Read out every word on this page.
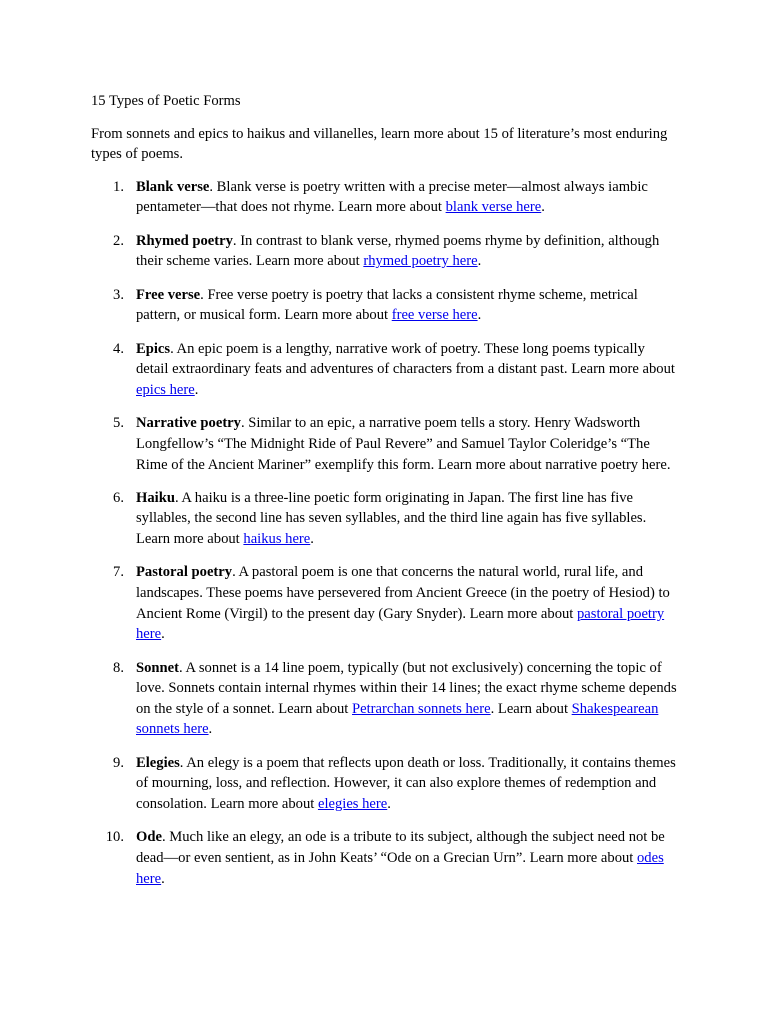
15 Types of Poetic Forms

From sonnets and epics to haikus and villanelles, learn more about 15 of literature’s most enduring types of poems.

1. Blank verse. Blank verse is poetry written with a precise meter—almost always iambic pentameter—that does not rhyme. Learn more about blank verse here.
2. Rhymed poetry. In contrast to blank verse, rhymed poems rhyme by definition, although their scheme varies. Learn more about rhymed poetry here.
3. Free verse. Free verse poetry is poetry that lacks a consistent rhyme scheme, metrical pattern, or musical form. Learn more about free verse here.
4. Epics. An epic poem is a lengthy, narrative work of poetry. These long poems typically detail extraordinary feats and adventures of characters from a distant past. Learn more about epics here.
5. Narrative poetry. Similar to an epic, a narrative poem tells a story. Henry Wadsworth Longfellow’s “The Midnight Ride of Paul Revere” and Samuel Taylor Coleridge’s “The Rime of the Ancient Mariner” exemplify this form. Learn more about narrative poetry here.
6. Haiku. A haiku is a three-line poetic form originating in Japan. The first line has five syllables, the second line has seven syllables, and the third line again has five syllables. Learn more about haikus here.
7. Pastoral poetry. A pastoral poem is one that concerns the natural world, rural life, and landscapes. These poems have persevered from Ancient Greece (in the poetry of Hesiod) to Ancient Rome (Virgil) to the present day (Gary Snyder). Learn more about pastoral poetry here.
8. Sonnet. A sonnet is a 14 line poem, typically (but not exclusively) concerning the topic of love. Sonnets contain internal rhymes within their 14 lines; the exact rhyme scheme depends on the style of a sonnet. Learn about Petrarchan sonnets here. Learn about Shakespearean sonnets here.
9. Elegies. An elegy is a poem that reflects upon death or loss. Traditionally, it contains themes of mourning, loss, and reflection. However, it can also explore themes of redemption and consolation. Learn more about elegies here.
10. Ode. Much like an elegy, an ode is a tribute to its subject, although the subject need not be dead—or even sentient, as in John Keats’ “Ode on a Grecian Urn”. Learn more about odes here.
